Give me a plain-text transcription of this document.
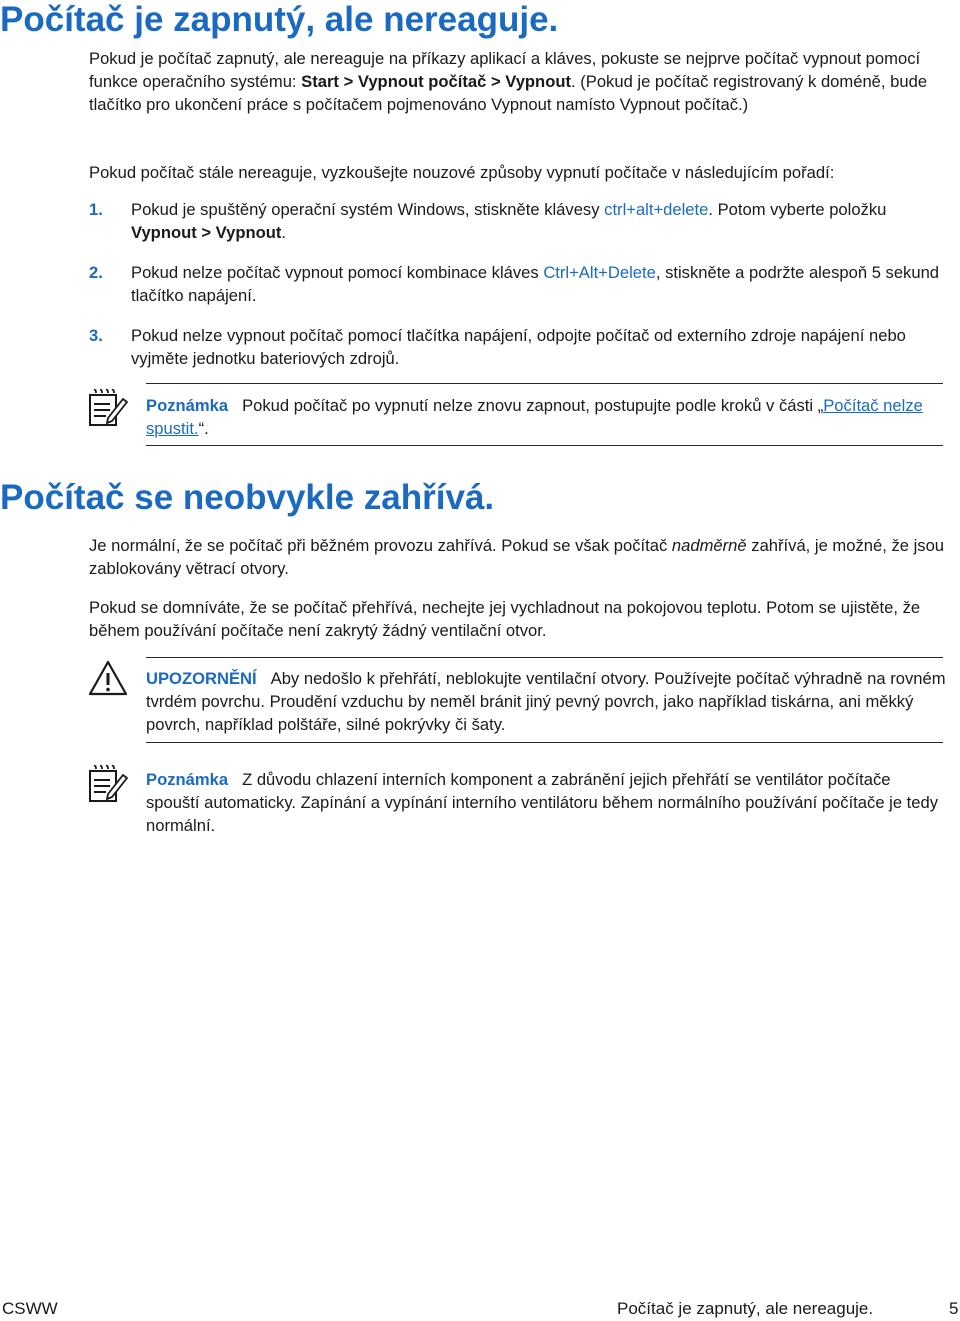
Počítač je zapnutý, ale nereaguje.

Pokud je počítač zapnutý, ale nereaguje na příkazy aplikací a kláves, pokuste se nejprve počítač vypnout pomocí funkce operačního systému: Start > Vypnout počítač > Vypnout. (Pokud je počítač registrovaný k doméně, bude tlačítko pro ukončení práce s počítačem pojmenováno Vypnout namísto Vypnout počítač.)

Pokud počítač stále nereaguje, vyzkoušejte nouzové způsoby vypnutí počítače v následujícím pořadí:

1.	Pokud je spuštěný operační systém Windows, stiskněte klávesy ctrl+alt+delete. Potom vyberte položku Vypnout > Vypnout.
2.	Pokud nelze počítač vypnout pomocí kombinace kláves Ctrl+Alt+Delete, stiskněte a podržte alespoň 5 sekund tlačítko napájení.
3.	Pokud nelze vypnout počítač pomocí tlačítka napájení, odpojte počítač od externího zdroje napájení nebo vyjměte jednotku bateriových zdrojů.
Poznámka Pokud počítač po vypnutí nelze znovu zapnout, postupujte podle kroků v části „Počítač nelze spustit.“.
Počítač se neobvykle zahřívá.

Je normální, že se počítač při běžném provozu zahřívá. Pokud se však počítač nadměrně zahřívá, je možné, že jsou zablokovány větrací otvory.

Pokud se domníváte, že se počítač přehřívá, nechejte jej vychladnout na pokojovou teplotu. Potom se ujistěte, že během používání počítače není zakrytý žádný ventilační otvor.

UPOZORNĚNÍ Aby nedošlo k přehřátí, neblokujte ventilační otvory. Používejte počítač výhradně na rovném tvrdém povrchu. Proudění vzduchu by neměl bránit jiný pevný povrch, jako například tiskárna, ani měkký povrch, například polštáře, silné pokrývky či šaty.
Poznámka Z důvodu chlazení interních komponent a zabránění jejich přehřátí se ventilátor počítače spouští automaticky. Zapínání a vypínání interního ventilátoru během normálního používání počítače je tedy normální.
CSWW	Počítač je zapnutý, ale nereaguje.	5
